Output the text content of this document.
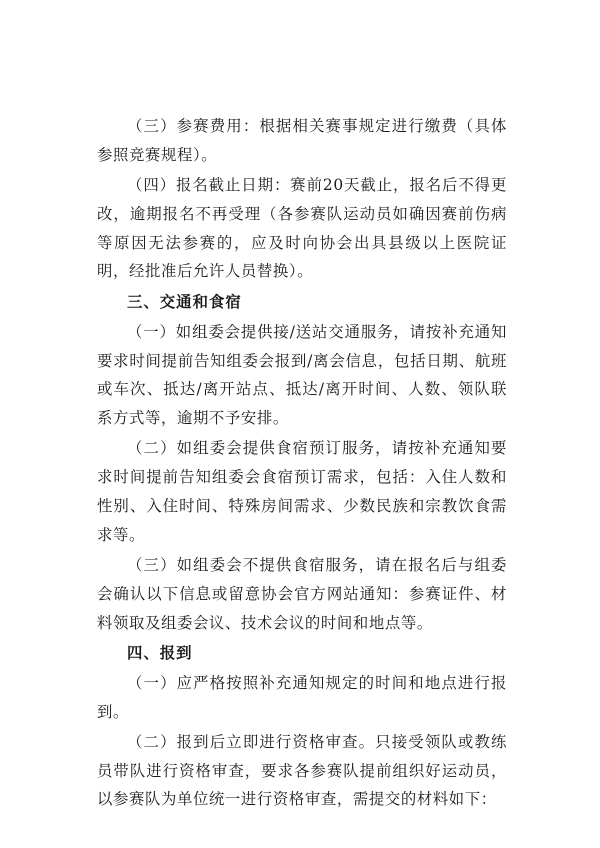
（三）参赛费用：根据相关赛事规定进行缴费（具体参照竞赛规程）。

（四）报名截止日期：赛前20天截止，报名后不得更改，逾期报名不再受理（各参赛队运动员如确因赛前伤病等原因无法参赛的，应及时向协会出具县级以上医院证明，经批准后允许人员替换）。

三、交通和食宿

（一）如组委会提供接/送站交通服务，请按补充通知要求时间提前告知组委会报到/离会信息，包括日期、航班或车次、抵达/离开站点、抵达/离开时间、人数、领队联系方式等，逾期不予安排。

（二）如组委会提供食宿预订服务，请按补充通知要求时间提前告知组委会食宿预订需求，包括：入住人数和性别、入住时间、特殊房间需求、少数民族和宗教饮食需求等。

（三）如组委会不提供食宿服务，请在报名后与组委会确认以下信息或留意协会官方网站通知：参赛证件、材料领取及组委会议、技术会议的时间和地点等。

四、报到

（一）应严格按照补充通知规定的时间和地点进行报到。

（二）报到后立即进行资格审查。只接受领队或教练员带队进行资格审查，要求各参赛队提前组织好运动员，以参赛队为单位统一进行资格审查，需提交的材料如下：
